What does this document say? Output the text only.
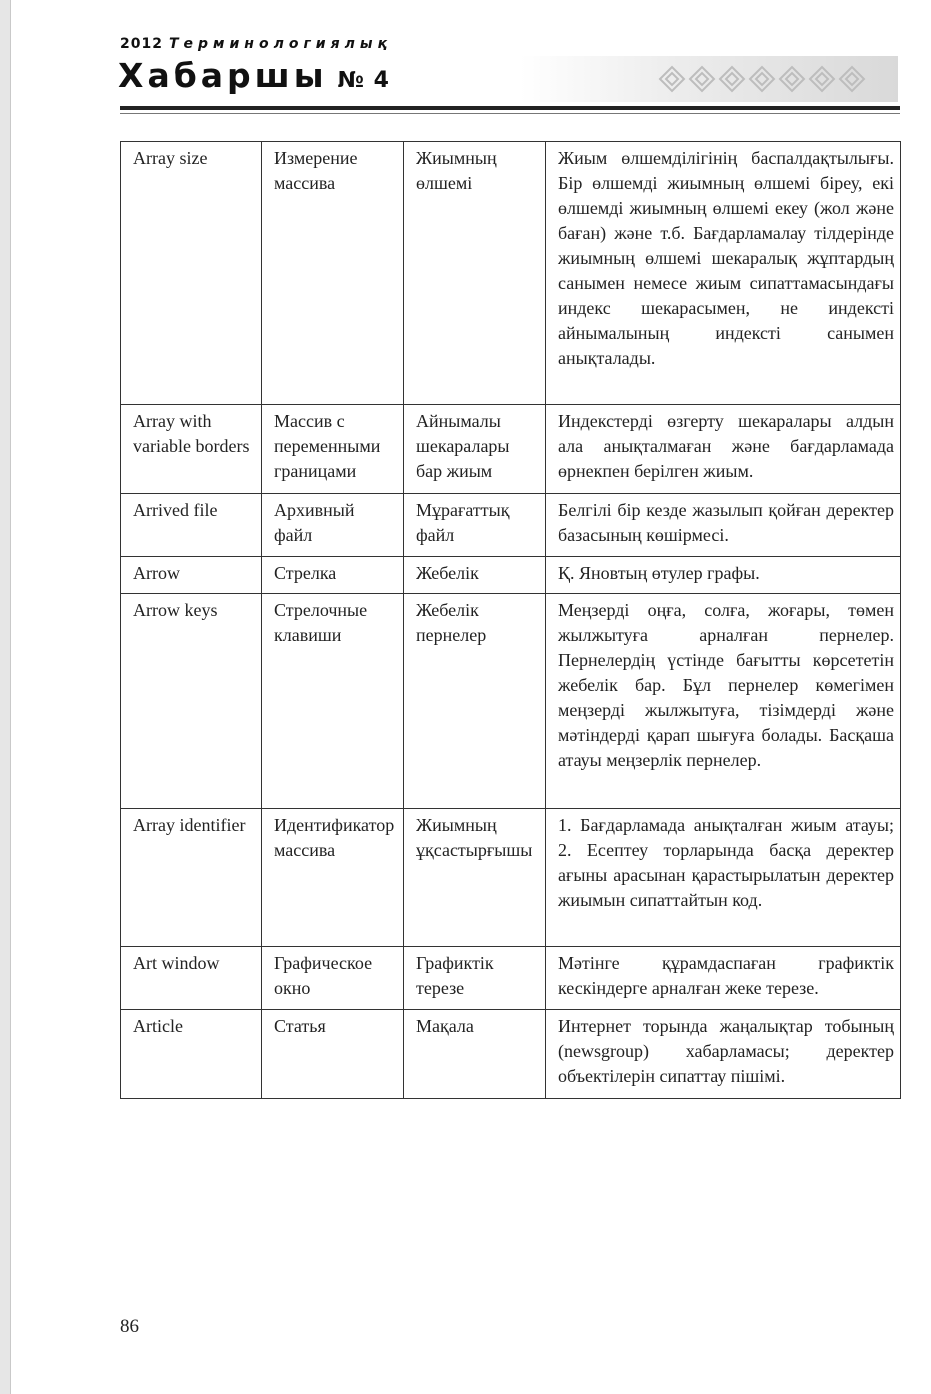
2012 Терминологиялық
Хабаршы № 4
Array size	Измерение массива	Жиымның өлшемі	Жиым өлшемділігінің баспалдақтылығы. Бір өлшемді жиымның өлшемі біреу, екі өлшемді жиымның өлшемі екеу (жол және баған) және т.б. Бағдарламалау тілдерінде жиымның өлшемі шекаралық жұптардың санымен немесе жиым сипаттамасындағы индекс шекарасымен, не индексті айнымалының индексті санымен анықталады.
Array with variable borders	Массив с переменными границами	Айнымалы шекаралары бар жиым	Индекстерді өзгерту шекаралары алдын ала анықталмаған және бағдарламада өрнекпен берілген жиым.
Arrived file	Архивный файл	Мұрағаттық файл	Белгілі бір кезде жазылып қойған деректер базасының көшірмесі.
Arrow	Стрелка	Жебелік	Қ. Яновтың өтулер графы.
Arrow keys	Стрелочные клавиши	Жебелік пернелер	Меңзерді оңға, солға, жоғары, төмен жылжытуға арналған пернелер. Пернелердің үстінде бағытты көрсететін жебелік бар. Бұл пернелер көмегімен меңзерді жылжытуға, тізімдерді және мәтіндерді қарап шығуға болады. Басқаша атауы меңзерлік пернелер.
Array identifier	Идентификатор массива	Жиымның ұқсастырғышы	1. Бағдарламада анықталған жиым атауы; 2. Есептеу торларында басқа деректер ағыны арасынан қарастырылатын деректер жиымын сипаттайтын код.
Art window	Графическое окно	Графиктік терезе	Мәтінге құрамдаспаған графиктік кескіндерге арналған жеке терезе.
Article	Статья	Мақала	Интернет торында жаңалықтар тобының (newsgroup) хабарламасы; деректер объектілерін сипаттау пішімі.
86
